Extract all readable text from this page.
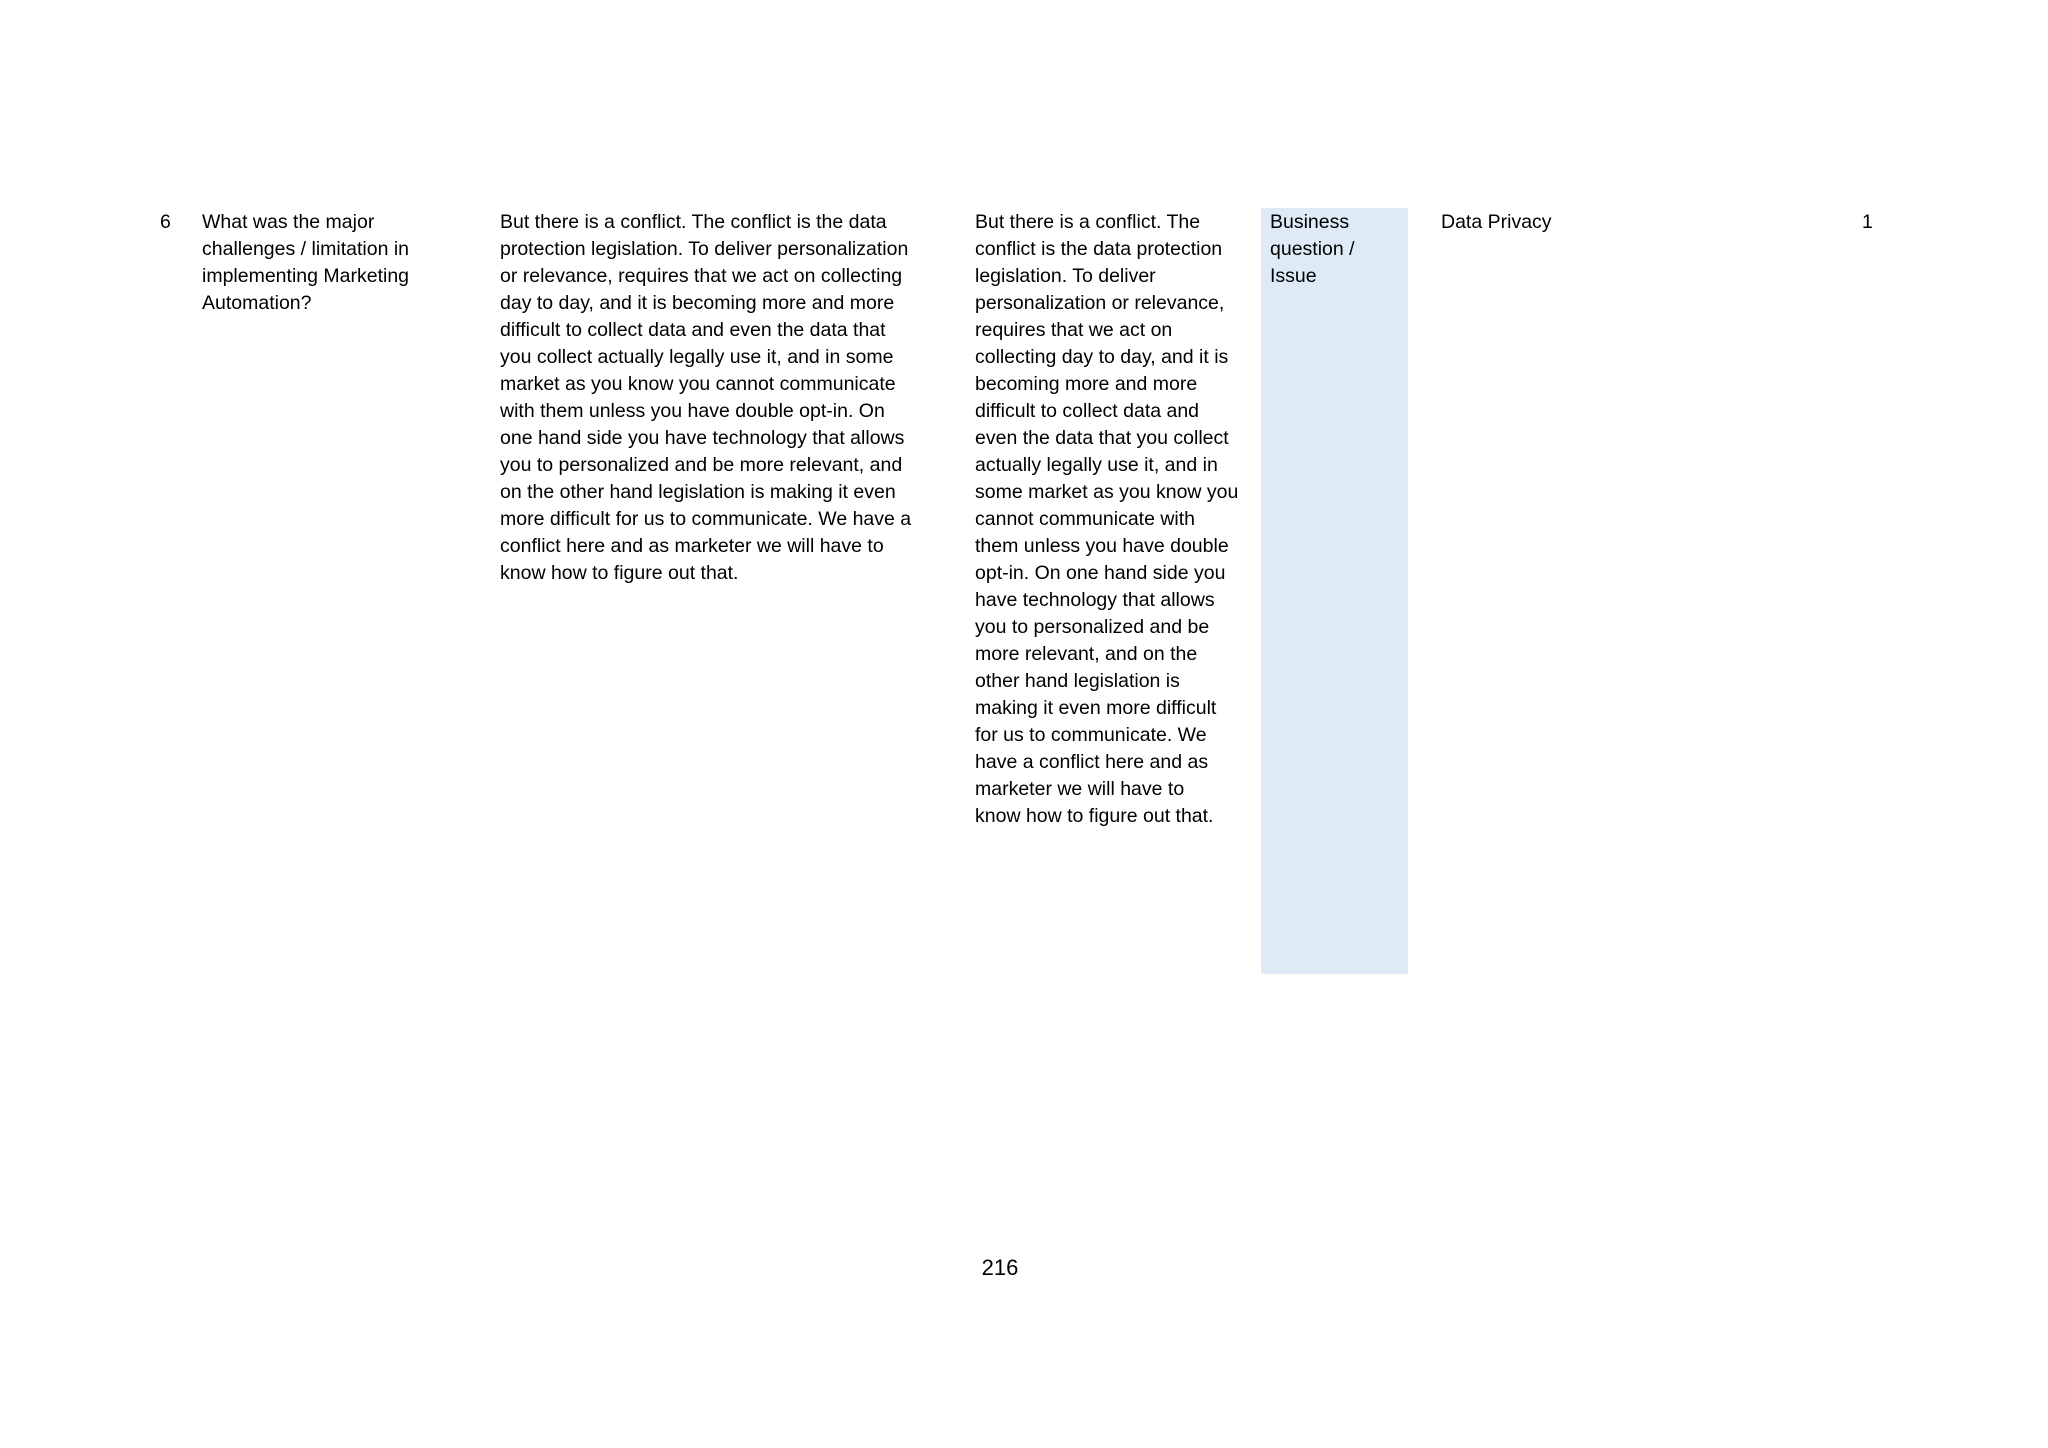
6	What was the major
challenges / limitation in
implementing Marketing
Automation?
But there is a conflict. The conflict is the data
protection legislation. To deliver personalization
or relevance, requires that we act on collecting
day to day, and it is becoming more and more
difficult to collect data and even the data that
you collect actually legally use it, and in some
market as you know you cannot communicate
with them unless you have double opt-in. On
one hand side you have technology that allows
you to personalized and be more relevant, and
on the other hand legislation is making it even
more difficult for us to communicate. We have a
conflict here and as marketer we will have to
know how to figure out that.
But there is a conflict. The
conflict is the data protection
legislation. To deliver
personalization or relevance,
requires that we act on
collecting day to day, and it is
becoming more and more
difficult to collect data and
even the data that you collect
actually legally use it, and in
some market as you know you
cannot communicate with
them unless you have double
opt-in. On one hand side you
have technology that allows
you to personalized and be
more relevant, and on the
other hand legislation is
making it even more difficult
for us to communicate. We
have a conflict here and as
marketer we will have to
know how to figure out that.
Business
question /
Issue
Data Privacy	1
216
